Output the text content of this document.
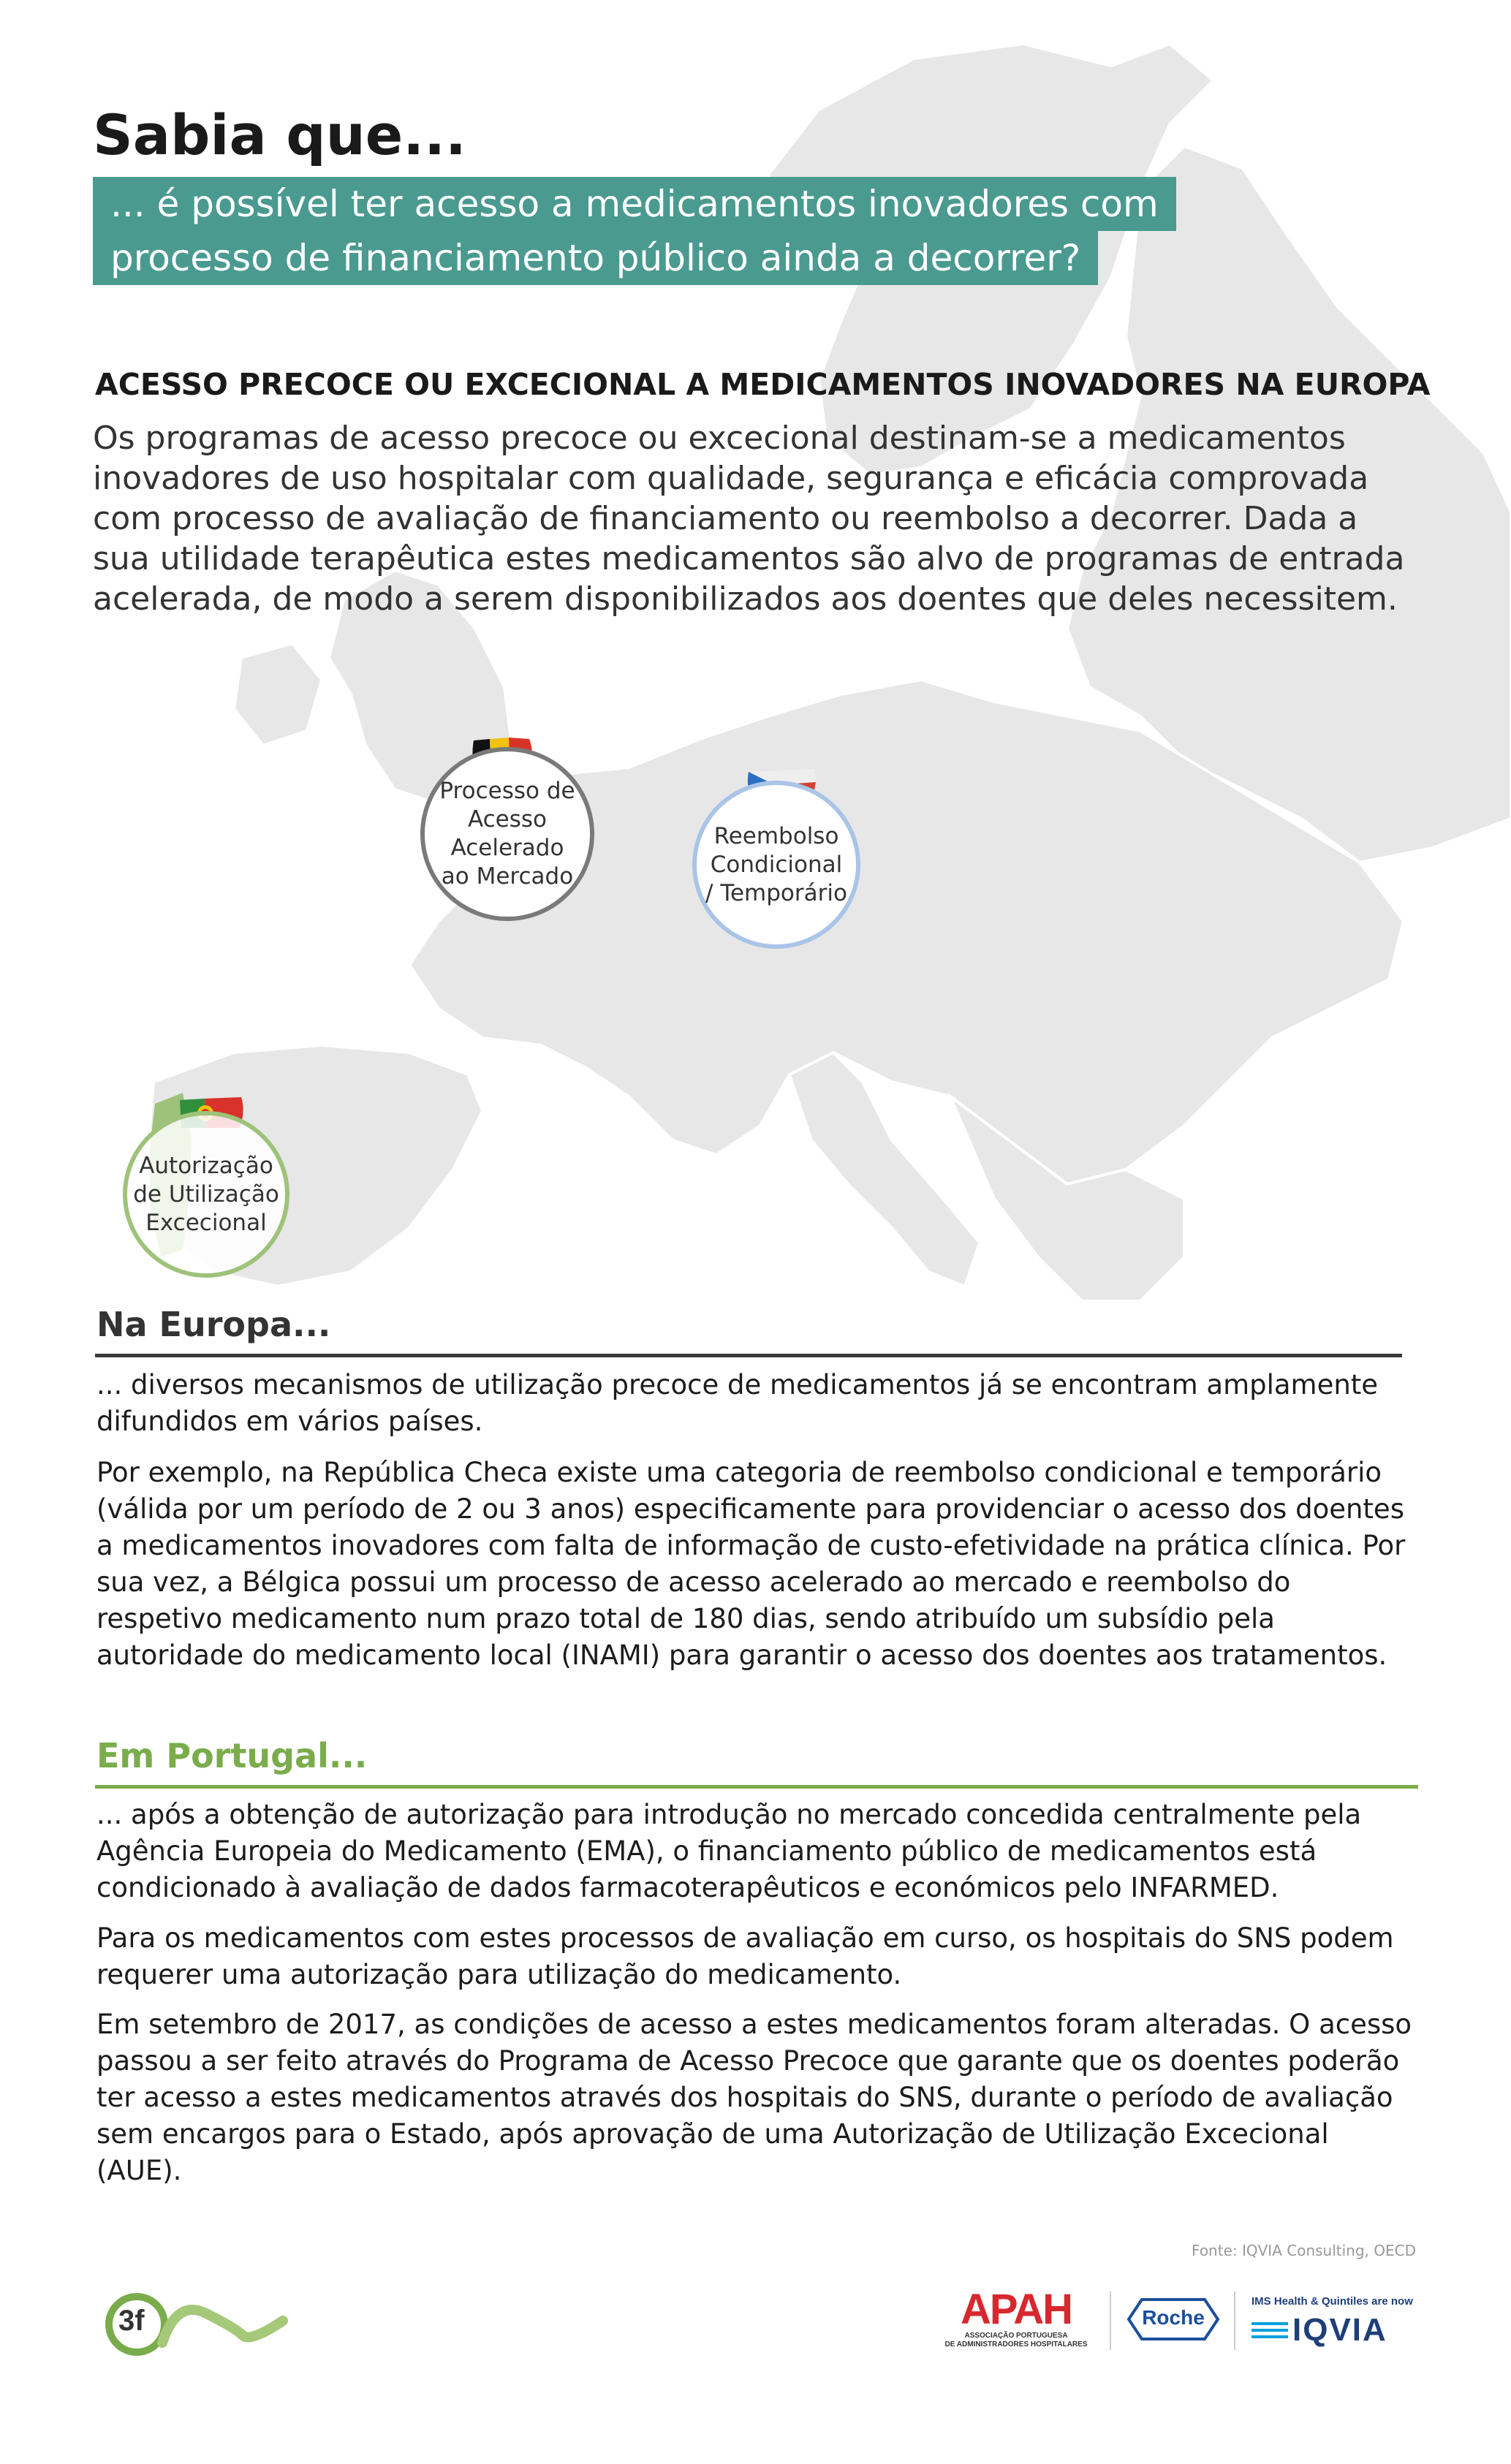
Sabia que...
... é possível ter acesso a medicamentos inovadores com
processo de financiamento público ainda a decorrer?
ACESSO PRECOCE OU EXCECIONAL A MEDICAMENTOS INOVADORES NA EUROPA

Os programas de acesso precoce ou excecional destinam-se a medicamentos inovadores de uso hospitalar com qualidade, segurança e eficácia comprovada com processo de avaliação de financiamento ou reembolso a decorrer. Dada a sua utilidade terapêutica estes medicamentos são alvo de programas de entrada acelerada, de modo a serem disponibilizados aos doentes que deles necessitem.

Processo de Acesso Acelerado ao Mercado
Reembolso Condicional / Temporário
Autorização de Utilização Excecional
Na Europa...

... diversos mecanismos de utilização precoce de medicamentos já se encontram amplamente difundidos em vários países.

Por exemplo, na República Checa existe uma categoria de reembolso condicional e temporário (válida por um período de 2 ou 3 anos) especificamente para providenciar o acesso dos doentes a medicamentos inovadores com falta de informação de custo-efetividade na prática clínica. Por sua vez, a Bélgica possui um processo de acesso acelerado ao mercado e reembolso do respetivo medicamento num prazo total de 180 dias, sendo atribuído um subsídio pela autoridade do medicamento local (INAMI) para garantir o acesso dos doentes aos tratamentos.

Em Portugal...

... após a obtenção de autorização para introdução no mercado concedida centralmente pela Agência Europeia do Medicamento (EMA), o financiamento público de medicamentos está condicionado à avaliação de dados farmacoterapêuticos e económicos pelo INFARMED.

Para os medicamentos com estes processos de avaliação em curso, os hospitais do SNS podem requerer uma autorização para utilização do medicamento.

Em setembro de 2017, as condições de acesso a estes medicamentos foram alteradas. O acesso passou a ser feito através do Programa de Acesso Precoce que garante que os doentes poderão ter acesso a estes medicamentos através dos hospitais do SNS, durante o período de avaliação sem encargos para o Estado, após aprovação de uma Autorização de Utilização Excecional (AUE).

Fonte: IQVIA Consulting, OECD
3f	APAH
ASSOCIAÇÃO PORTUGUESA
DE ADMINISTRADORES HOSPITALARES
Roche
IMS Health & Quintiles are now
IQVIA
